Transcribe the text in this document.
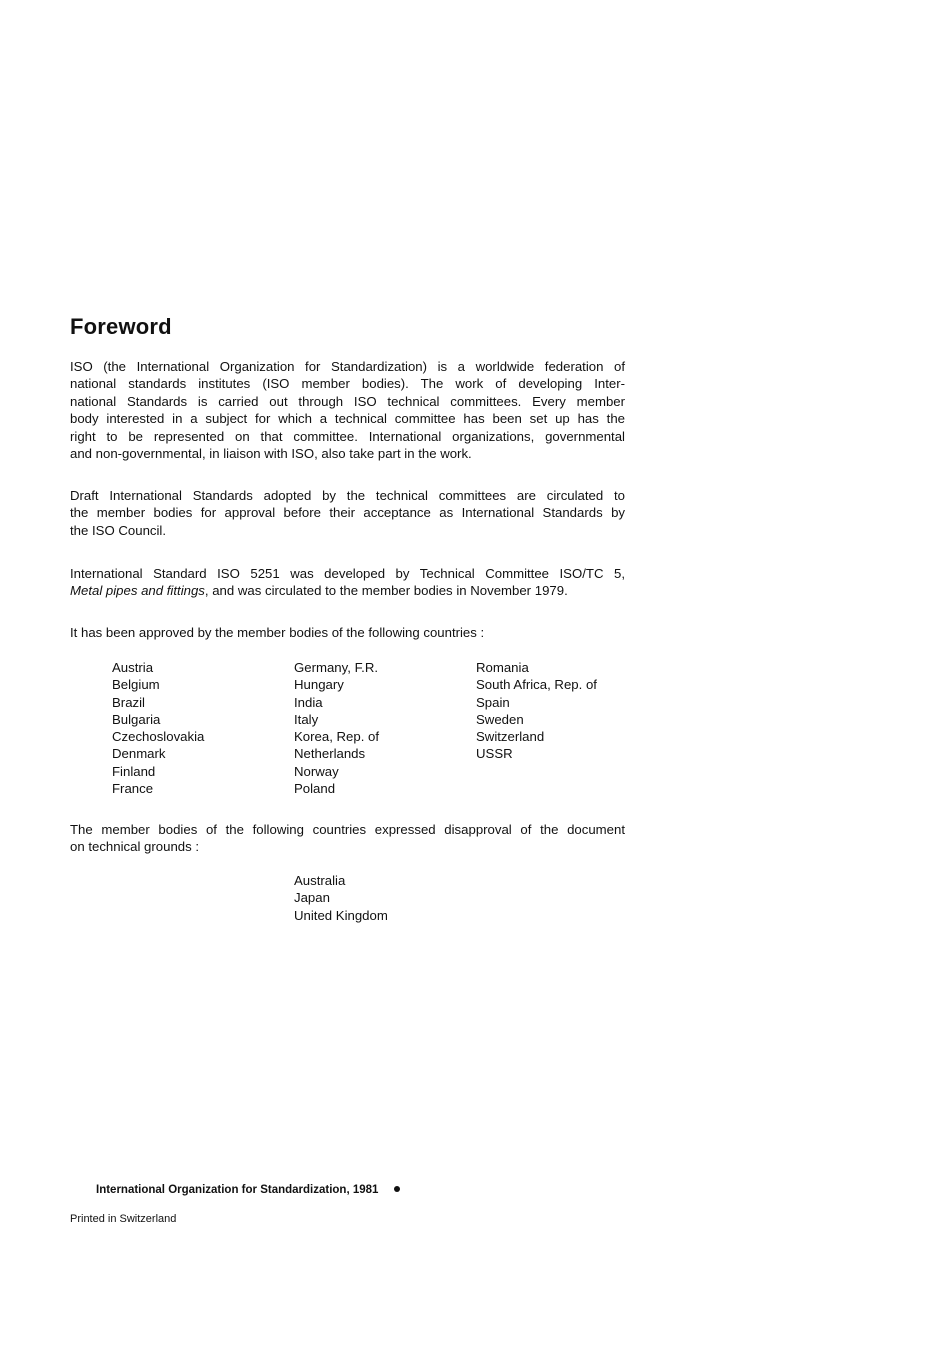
Foreword

ISO (the International Organization for Standardization) is a worldwide federation of
national standards institutes (ISO member bodies). The work of developing Inter-
national Standards is carried out through ISO technical committees. Every member
body interested in a subject for which a technical committee has been set up has the
right to be represented on that committee. International organizations, governmental
and non-governmental, in liaison with ISO, also take part in the work.

Draft International Standards adopted by the technical committees are circulated to
the member bodies for approval before their acceptance as International Standards by
the ISO Council.

International Standard ISO 5251 was developed by Technical Committee ISO/TC 5,
Metal pipes and fittings, and was circulated to the member bodies in November 1979.

It has been approved by the member bodies of the following countries :

Austria
Belgium
Brazil
Bulgaria
Czechoslovakia
Denmark
Finland
France
Germany, F.R.
Hungary
India
Italy
Korea, Rep. of
Netherlands
Norway
Poland
Romania
South Africa, Rep. of
Spain
Sweden
Switzerland
USSR

The member bodies of the following countries expressed disapproval of the document
on technical grounds :

Australia
Japan
United Kingdom
International Organization for Standardization, 1981
Printed in Switzerland
